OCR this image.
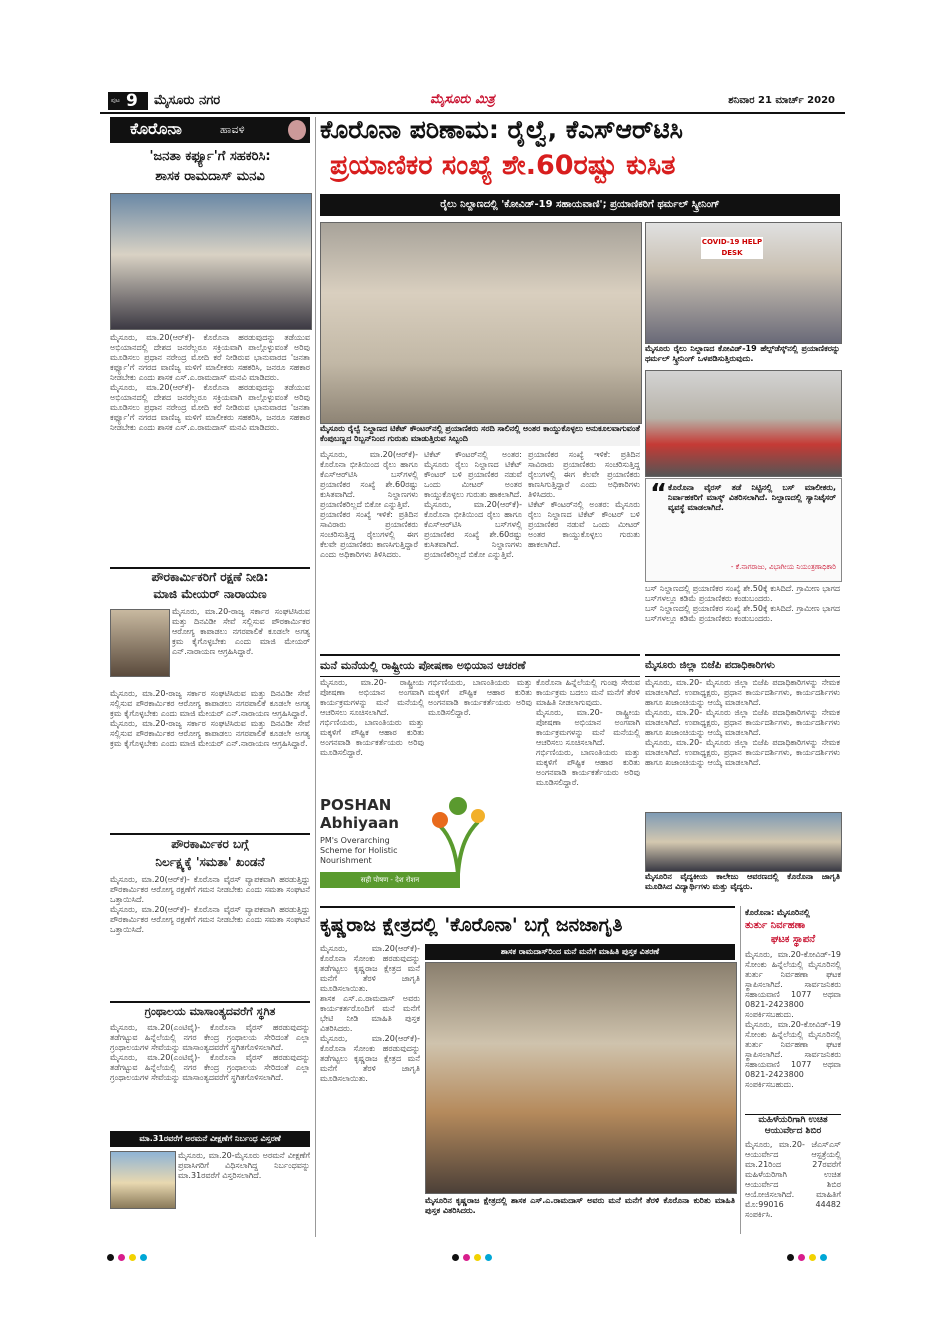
ಪುಟ 9 ಮೈಸೂರು ನಗರ	ಮೈಸೂರು ಮಿತ್ರ	ಶನಿವಾರ 21 ಮಾರ್ಚ್ 2020
ಕೊರೊನಾ	ಹಾವಳಿ
'ಜನತಾ ಕರ್ಫ್ಯೂ'ಗೆ ಸಹಕರಿಸಿ:
ಶಾಸಕ ರಾಮದಾಸ್ ಮನವಿ
ಮೈಸೂರು, ಮಾ.20(ಆರ್‌ಕೆ)- ಕೊರೊನಾ ಹರಡುವುದನ್ನು ತಡೆಯುವ ಅಭಿಯಾನದಲ್ಲಿ ದೇಶದ ಜನರೆಲ್ಲರೂ ಸಕ್ರಿಯವಾಗಿ ಪಾಲ್ಗೊಳ್ಳುವಂತೆ ಅರಿವು ಮೂಡಿಸಲು ಪ್ರಧಾನ ನರೇಂದ್ರ ಮೋದಿ ಕರೆ ನೀಡಿರುವ ಭಾನುವಾರದ 'ಜನತಾ ಕರ್ಫ್ಯೂ'ಗೆ ನಗರದ ವಾಣಿಜ್ಯ ಮಳಿಗೆ ಮಾಲೀಕರು ಸಹಕರಿಸಿ, ಜನರೂ ಸಹಕಾರ ನೀಡಬೇಕು ಎಂದು ಶಾಸಕ ಎಸ್.ಎ.ರಾಮದಾಸ್ ಮನವಿ ಮಾಡಿದರು.
ಮೈಸೂರು, ಮಾ.20(ಆರ್‌ಕೆ)- ಕೊರೊನಾ ಹರಡುವುದನ್ನು ತಡೆಯುವ ಅಭಿಯಾನದಲ್ಲಿ ದೇಶದ ಜನರೆಲ್ಲರೂ ಸಕ್ರಿಯವಾಗಿ ಪಾಲ್ಗೊಳ್ಳುವಂತೆ ಅರಿವು ಮೂಡಿಸಲು ಪ್ರಧಾನ ನರೇಂದ್ರ ಮೋದಿ ಕರೆ ನೀಡಿರುವ ಭಾನುವಾರದ 'ಜನತಾ ಕರ್ಫ್ಯೂ'ಗೆ ನಗರದ ವಾಣಿಜ್ಯ ಮಳಿಗೆ ಮಾಲೀಕರು ಸಹಕರಿಸಿ, ಜನರೂ ಸಹಕಾರ ನೀಡಬೇಕು ಎಂದು ಶಾಸಕ ಎಸ್.ಎ.ರಾಮದಾಸ್ ಮನವಿ ಮಾಡಿದರು.
ಪೌರಕಾರ್ಮಿಕರಿಗೆ ರಕ್ಷಣೆ ನೀಡಿ:
ಮಾಜಿ ಮೇಯರ್ ನಾರಾಯಣ
ಮೈಸೂರು, ಮಾ.20-ರಾಜ್ಯ ಸರ್ಕಾರ ಸಂಘಟಿಸಿರುವ ಮತ್ತು ದಿನವಿಡೀ ಸೇವೆ ಸಲ್ಲಿಸುವ ಪೌರಕಾರ್ಮಿಕರ ಆರೋಗ್ಯ ಕಾಪಾಡಲು ನಗರಪಾಲಿಕೆ ಕೂಡಲೇ ಅಗತ್ಯ ಕ್ರಮ ಕೈಗೊಳ್ಳಬೇಕು ಎಂದು ಮಾಜಿ ಮೇಯರ್ ಎನ್.ನಾರಾಯಣ ಆಗ್ರಹಿಸಿದ್ದಾರೆ.
ಮೈಸೂರು, ಮಾ.20-ರಾಜ್ಯ ಸರ್ಕಾರ ಸಂಘಟಿಸಿರುವ ಮತ್ತು ದಿನವಿಡೀ ಸೇವೆ ಸಲ್ಲಿಸುವ ಪೌರಕಾರ್ಮಿಕರ ಆರೋಗ್ಯ ಕಾಪಾಡಲು ನಗರಪಾಲಿಕೆ ಕೂಡಲೇ ಅಗತ್ಯ ಕ್ರಮ ಕೈಗೊಳ್ಳಬೇಕು ಎಂದು ಮಾಜಿ ಮೇಯರ್ ಎನ್.ನಾರಾಯಣ ಆಗ್ರಹಿಸಿದ್ದಾರೆ.
ಮೈಸೂರು, ಮಾ.20-ರಾಜ್ಯ ಸರ್ಕಾರ ಸಂಘಟಿಸಿರುವ ಮತ್ತು ದಿನವಿಡೀ ಸೇವೆ ಸಲ್ಲಿಸುವ ಪೌರಕಾರ್ಮಿಕರ ಆರೋಗ್ಯ ಕಾಪಾಡಲು ನಗರಪಾಲಿಕೆ ಕೂಡಲೇ ಅಗತ್ಯ ಕ್ರಮ ಕೈಗೊಳ್ಳಬೇಕು ಎಂದು ಮಾಜಿ ಮೇಯರ್ ಎನ್.ನಾರಾಯಣ ಆಗ್ರಹಿಸಿದ್ದಾರೆ.
ಪೌರಕಾರ್ಮಿಕರ ಬಗ್ಗೆ
ನಿರ್ಲಕ್ಷ್ಯಕ್ಕೆ 'ಸಮತಾ' ಖಂಡನೆ
ಮೈಸೂರು, ಮಾ.20(ಆರ್‌ಕೆ)- ಕೊರೊನಾ ವೈರಸ್ ವ್ಯಾಪಕವಾಗಿ ಹರಡುತ್ತಿದ್ದು ಪೌರಕಾರ್ಮಿಕರ ಆರೋಗ್ಯ ರಕ್ಷಣೆಗೆ ಗಮನ ನೀಡಬೇಕು ಎಂದು ಸಮತಾ ಸಂಘಟನೆ ಒತ್ತಾಯಿಸಿದೆ.
ಮೈಸೂರು, ಮಾ.20(ಆರ್‌ಕೆ)- ಕೊರೊನಾ ವೈರಸ್ ವ್ಯಾಪಕವಾಗಿ ಹರಡುತ್ತಿದ್ದು ಪೌರಕಾರ್ಮಿಕರ ಆರೋಗ್ಯ ರಕ್ಷಣೆಗೆ ಗಮನ ನೀಡಬೇಕು ಎಂದು ಸಮತಾ ಸಂಘಟನೆ ಒತ್ತಾಯಿಸಿದೆ.
ಗ್ರಂಥಾಲಯ ಮಾಸಾಂತ್ಯದವರೆಗೆ ಸ್ಥಗಿತ
ಮೈಸೂರು, ಮಾ.20(ಎಂಟಿವೈ)- ಕೊರೊನಾ ವೈರಸ್ ಹರಡುವುದನ್ನು ತಡೆಗಟ್ಟುವ ಹಿನ್ನೆಲೆಯಲ್ಲಿ ನಗರ ಕೇಂದ್ರ ಗ್ರಂಥಾಲಯ ಸೇರಿದಂತೆ ಎಲ್ಲಾ ಗ್ರಂಥಾಲಯಗಳ ಸೇವೆಯನ್ನು ಮಾಸಾಂತ್ಯದವರೆಗೆ ಸ್ಥಗಿತಗೊಳಿಸಲಾಗಿದೆ.
ಮೈಸೂರು, ಮಾ.20(ಎಂಟಿವೈ)- ಕೊರೊನಾ ವೈರಸ್ ಹರಡುವುದನ್ನು ತಡೆಗಟ್ಟುವ ಹಿನ್ನೆಲೆಯಲ್ಲಿ ನಗರ ಕೇಂದ್ರ ಗ್ರಂಥಾಲಯ ಸೇರಿದಂತೆ ಎಲ್ಲಾ ಗ್ರಂಥಾಲಯಗಳ ಸೇವೆಯನ್ನು ಮಾಸಾಂತ್ಯದವರೆಗೆ ಸ್ಥಗಿತಗೊಳಿಸಲಾಗಿದೆ.
ಮಾ.31ರವರೆಗೆ ಅರಮನೆ ವೀಕ್ಷಣೆಗೆ ನಿರ್ಬಂಧ ವಿಸ್ತರಣೆ
ಮೈಸೂರು, ಮಾ.20-ಮೈಸೂರು ಅರಮನೆ ವೀಕ್ಷಣೆಗೆ ಪ್ರವಾಸಿಗರಿಗೆ ವಿಧಿಸಲಾಗಿದ್ದ ನಿರ್ಬಂಧವನ್ನು ಮಾ.31ರವರೆಗೆ ವಿಸ್ತರಿಸಲಾಗಿದೆ.
ಕೊರೊನಾ ಪರಿಣಾಮ: ರೈಲ್ವೆ, ಕೆಎಸ್‌ಆರ್‌ಟಿಸಿ
ಪ್ರಯಾಣಿಕರ ಸಂಖ್ಯೆ ಶೇ.60ರಷ್ಟು ಕುಸಿತ
ರೈಲು ನಿಲ್ದಾಣದಲ್ಲಿ 'ಕೋವಿಡ್-19 ಸಹಾಯವಾಣಿ'; ಪ್ರಯಾಣಿಕರಿಗೆ ಥರ್ಮಲ್ ಸ್ಕ್ರೀನಿಂಗ್
ಮೈಸೂರು ರೈಲ್ವೆ ನಿಲ್ದಾಣದ ಟಿಕೆಟ್ ಕೌಂಟರ್‌ನಲ್ಲಿ ಪ್ರಯಾಣಿಕರು ಸರದಿ ಸಾಲಿನಲ್ಲಿ ಅಂತರ ಕಾಯ್ದುಕೊಳ್ಳಲು ಅನುಕೂಲವಾಗುವಂತೆ ಕೆಂಪುಬಣ್ಣದ ರಿಬ್ಬನ್‌ನಿಂದ ಗುರುತು ಮಾಡುತ್ತಿರುವ ಸಿಬ್ಬಂದಿ
COVID-19 HELP DESK
ಮೈಸೂರು ರೈಲು ನಿಲ್ದಾಣದ ಕೋವಿಡ್-19 ಹೆಲ್ಪ್‌ಡೆಸ್ಕ್‌ನಲ್ಲಿ ಪ್ರಯಾಣಿಕರನ್ನು ಥರ್ಮಲ್ ಸ್ಕ್ರೀನಿಂಗ್ ಒಳಪಡಿಸುತ್ತಿರುವುದು.
ಮೈಸೂರು, ಮಾ.20(ಆರ್‌ಕೆ)- ಕೊರೊನಾ ಭೀತಿಯಿಂದ ರೈಲು ಹಾಗೂ ಕೆಎಸ್‌ಆರ್‌ಟಿಸಿ ಬಸ್‌ಗಳಲ್ಲಿ ಪ್ರಯಾಣಿಕರ ಸಂಖ್ಯೆ ಶೇ.60ರಷ್ಟು ಕುಸಿತವಾಗಿದೆ. ನಿಲ್ದಾಣಗಳು ಪ್ರಯಾಣಿಕರಿಲ್ಲದೆ ಬಿಕೋ ಎನ್ನುತ್ತಿವೆ.
ಪ್ರಯಾಣಿಕರ ಸಂಖ್ಯೆ ಇಳಿಕೆ: ಪ್ರತಿದಿನ ಸಾವಿರಾರು ಪ್ರಯಾಣಿಕರು ಸಂಚರಿಸುತ್ತಿದ್ದ ರೈಲುಗಳಲ್ಲಿ ಈಗ ಕೆಲವೇ ಪ್ರಯಾಣಿಕರು ಕಾಣಸಿಗುತ್ತಿದ್ದಾರೆ ಎಂದು ಅಧಿಕಾರಿಗಳು ತಿಳಿಸಿದರು.
ಟಿಕೆಟ್ ಕೌಂಟರ್‌ನಲ್ಲಿ ಅಂತರ: ಮೈಸೂರು ರೈಲು ನಿಲ್ದಾಣದ ಟಿಕೆಟ್ ಕೌಂಟರ್ ಬಳಿ ಪ್ರಯಾಣಿಕರ ನಡುವೆ ಒಂದು ಮೀಟರ್ ಅಂತರ ಕಾಯ್ದುಕೊಳ್ಳಲು ಗುರುತು ಹಾಕಲಾಗಿದೆ.
ಮೈಸೂರು, ಮಾ.20(ಆರ್‌ಕೆ)- ಕೊರೊನಾ ಭೀತಿಯಿಂದ ರೈಲು ಹಾಗೂ ಕೆಎಸ್‌ಆರ್‌ಟಿಸಿ ಬಸ್‌ಗಳಲ್ಲಿ ಪ್ರಯಾಣಿಕರ ಸಂಖ್ಯೆ ಶೇ.60ರಷ್ಟು ಕುಸಿತವಾಗಿದೆ. ನಿಲ್ದಾಣಗಳು ಪ್ರಯಾಣಿಕರಿಲ್ಲದೆ ಬಿಕೋ ಎನ್ನುತ್ತಿವೆ.
ಪ್ರಯಾಣಿಕರ ಸಂಖ್ಯೆ ಇಳಿಕೆ: ಪ್ರತಿದಿನ ಸಾವಿರಾರು ಪ್ರಯಾಣಿಕರು ಸಂಚರಿಸುತ್ತಿದ್ದ ರೈಲುಗಳಲ್ಲಿ ಈಗ ಕೆಲವೇ ಪ್ರಯಾಣಿಕರು ಕಾಣಸಿಗುತ್ತಿದ್ದಾರೆ ಎಂದು ಅಧಿಕಾರಿಗಳು ತಿಳಿಸಿದರು.
ಟಿಕೆಟ್ ಕೌಂಟರ್‌ನಲ್ಲಿ ಅಂತರ: ಮೈಸೂರು ರೈಲು ನಿಲ್ದಾಣದ ಟಿಕೆಟ್ ಕೌಂಟರ್ ಬಳಿ ಪ್ರಯಾಣಿಕರ ನಡುವೆ ಒಂದು ಮೀಟರ್ ಅಂತರ ಕಾಯ್ದುಕೊಳ್ಳಲು ಗುರುತು ಹಾಕಲಾಗಿದೆ.
“ ಕೊರೊನಾ ವೈರಸ್ ತಡೆ ನಿಟ್ಟಿನಲ್ಲಿ ಬಸ್ ಮಾಲೀಕರು, ನಿರ್ವಾಹಕರಿಗೆ ಮಾಸ್ಕ್ ವಿತರಿಸಲಾಗಿದೆ. ನಿಲ್ದಾಣದಲ್ಲಿ ಸ್ಯಾನಿಟೈಸರ್ ವ್ಯವಸ್ಥೆ ಮಾಡಲಾಗಿದೆ.
- ಕೆ.ನಾಗರಾಜು, ವಿಭಾಗೀಯ ನಿಯಂತ್ರಣಾಧಿಕಾರಿ
ಬಸ್ ನಿಲ್ದಾಣದಲ್ಲಿ ಪ್ರಯಾಣಿಕರ ಸಂಖ್ಯೆ ಶೇ.50ಕ್ಕೆ ಕುಸಿದಿದೆ. ಗ್ರಾಮೀಣ ಭಾಗದ ಬಸ್‌ಗಳಲ್ಲೂ ಕಡಿಮೆ ಪ್ರಯಾಣಿಕರು ಕಂಡುಬಂದರು.
ಬಸ್ ನಿಲ್ದಾಣದಲ್ಲಿ ಪ್ರಯಾಣಿಕರ ಸಂಖ್ಯೆ ಶೇ.50ಕ್ಕೆ ಕುಸಿದಿದೆ. ಗ್ರಾಮೀಣ ಭಾಗದ ಬಸ್‌ಗಳಲ್ಲೂ ಕಡಿಮೆ ಪ್ರಯಾಣಿಕರು ಕಂಡುಬಂದರು.
ಮನೆ ಮನೆಯಲ್ಲಿ ರಾಷ್ಟ್ರೀಯ ಪೋಷಣಾ ಅಭಿಯಾನ ಆಚರಣೆ
ಮೈಸೂರು, ಮಾ.20- ರಾಷ್ಟ್ರೀಯ ಪೋಷಣಾ ಅಭಿಯಾನ ಅಂಗವಾಗಿ ಕಾರ್ಯಕ್ರಮಗಳನ್ನು ಮನೆ ಮನೆಯಲ್ಲಿ ಆಚರಿಸಲು ಸೂಚಿಸಲಾಗಿದೆ.
ಗರ್ಭಿಣಿಯರು, ಬಾಣಂತಿಯರು ಮತ್ತು ಮಕ್ಕಳಿಗೆ ಪೌಷ್ಟಿಕ ಆಹಾರ ಕುರಿತು ಅಂಗನವಾಡಿ ಕಾರ್ಯಕರ್ತೆಯರು ಅರಿವು ಮೂಡಿಸಲಿದ್ದಾರೆ.
POSHAN
Abhiyaan
PM's Overarching
Scheme for Holistic
Nourishment
सही पोषण - देश रोशन
ಗರ್ಭಿಣಿಯರು, ಬಾಣಂತಿಯರು ಮತ್ತು ಮಕ್ಕಳಿಗೆ ಪೌಷ್ಟಿಕ ಆಹಾರ ಕುರಿತು ಅಂಗನವಾಡಿ ಕಾರ್ಯಕರ್ತೆಯರು ಅರಿವು ಮೂಡಿಸಲಿದ್ದಾರೆ.
ಕೊರೊನಾ ಹಿನ್ನೆಲೆಯಲ್ಲಿ ಗುಂಪು ಸೇರುವ ಕಾರ್ಯಕ್ರಮ ಬದಲು ಮನೆ ಮನೆಗೆ ತೆರಳಿ ಮಾಹಿತಿ ನೀಡಲಾಗುವುದು.
ಮೈಸೂರು, ಮಾ.20- ರಾಷ್ಟ್ರೀಯ ಪೋಷಣಾ ಅಭಿಯಾನ ಅಂಗವಾಗಿ ಕಾರ್ಯಕ್ರಮಗಳನ್ನು ಮನೆ ಮನೆಯಲ್ಲಿ ಆಚರಿಸಲು ಸೂಚಿಸಲಾಗಿದೆ.
ಗರ್ಭಿಣಿಯರು, ಬಾಣಂತಿಯರು ಮತ್ತು ಮಕ್ಕಳಿಗೆ ಪೌಷ್ಟಿಕ ಆಹಾರ ಕುರಿತು ಅಂಗನವಾಡಿ ಕಾರ್ಯಕರ್ತೆಯರು ಅರಿವು ಮೂಡಿಸಲಿದ್ದಾರೆ.
ಮೈಸೂರು ಜಿಲ್ಲಾ ಬಿಜೆಪಿ ಪದಾಧಿಕಾರಿಗಳು
ಮೈಸೂರು, ಮಾ.20- ಮೈಸೂರು ಜಿಲ್ಲಾ ಬಿಜೆಪಿ ಪದಾಧಿಕಾರಿಗಳನ್ನು ನೇಮಕ ಮಾಡಲಾಗಿದೆ. ಉಪಾಧ್ಯಕ್ಷರು, ಪ್ರಧಾನ ಕಾರ್ಯದರ್ಶಿಗಳು, ಕಾರ್ಯದರ್ಶಿಗಳು ಹಾಗೂ ಖಜಾಂಚಿಯನ್ನು ಆಯ್ಕೆ ಮಾಡಲಾಗಿದೆ.
ಮೈಸೂರು, ಮಾ.20- ಮೈಸೂರು ಜಿಲ್ಲಾ ಬಿಜೆಪಿ ಪದಾಧಿಕಾರಿಗಳನ್ನು ನೇಮಕ ಮಾಡಲಾಗಿದೆ. ಉಪಾಧ್ಯಕ್ಷರು, ಪ್ರಧಾನ ಕಾರ್ಯದರ್ಶಿಗಳು, ಕಾರ್ಯದರ್ಶಿಗಳು ಹಾಗೂ ಖಜಾಂಚಿಯನ್ನು ಆಯ್ಕೆ ಮಾಡಲಾಗಿದೆ.
ಮೈಸೂರು, ಮಾ.20- ಮೈಸೂರು ಜಿಲ್ಲಾ ಬಿಜೆಪಿ ಪದಾಧಿಕಾರಿಗಳನ್ನು ನೇಮಕ ಮಾಡಲಾಗಿದೆ. ಉಪಾಧ್ಯಕ್ಷರು, ಪ್ರಧಾನ ಕಾರ್ಯದರ್ಶಿಗಳು, ಕಾರ್ಯದರ್ಶಿಗಳು ಹಾಗೂ ಖಜಾಂಚಿಯನ್ನು ಆಯ್ಕೆ ಮಾಡಲಾಗಿದೆ.
ಮೈಸೂರಿನ ವೈದ್ಯಕೀಯ ಕಾಲೇಜು ಆವರಣದಲ್ಲಿ ಕೊರೊನಾ ಜಾಗೃತಿ ಮೂಡಿಸಿದ ವಿದ್ಯಾರ್ಥಿಗಳು ಮತ್ತು ವೈದ್ಯರು.
ಕೃಷ್ಣರಾಜ ಕ್ಷೇತ್ರದಲ್ಲಿ 'ಕೊರೊನಾ' ಬಗ್ಗೆ ಜನಜಾಗೃತಿ
ಮೈಸೂರು, ಮಾ.20(ಆರ್‌ಕೆ)- ಕೊರೊನಾ ಸೋಂಕು ಹರಡುವುದನ್ನು ತಡೆಗಟ್ಟಲು ಕೃಷ್ಣರಾಜ ಕ್ಷೇತ್ರದ ಮನೆ ಮನೆಗೆ ತೆರಳಿ ಜಾಗೃತಿ ಮೂಡಿಸಲಾಯಿತು.
ಶಾಸಕ ಎಸ್.ಎ.ರಾಮದಾಸ್ ಅವರು ಕಾರ್ಯಕರ್ತರೊಂದಿಗೆ ಮನೆ ಮನೆಗೆ ಭೇಟಿ ನೀಡಿ ಮಾಹಿತಿ ಪುಸ್ತಕ ವಿತರಿಸಿದರು.
ಮೈಸೂರು, ಮಾ.20(ಆರ್‌ಕೆ)- ಕೊರೊನಾ ಸೋಂಕು ಹರಡುವುದನ್ನು ತಡೆಗಟ್ಟಲು ಕೃಷ್ಣರಾಜ ಕ್ಷೇತ್ರದ ಮನೆ ಮನೆಗೆ ತೆರಳಿ ಜಾಗೃತಿ ಮೂಡಿಸಲಾಯಿತು.
ಶಾಸಕ ರಾಮದಾಸ್‌ರಿಂದ ಮನೆ ಮನೆಗೆ ಮಾಹಿತಿ ಪುಸ್ತಕ ವಿತರಣೆ
ಮೈಸೂರಿನ ಕೃಷ್ಣರಾಜ ಕ್ಷೇತ್ರದಲ್ಲಿ ಶಾಸಕ ಎಸ್.ಎ.ರಾಮದಾಸ್ ಅವರು ಮನೆ ಮನೆಗೆ ತೆರಳಿ ಕೊರೊನಾ ಕುರಿತು ಮಾಹಿತಿ ಪುಸ್ತಕ ವಿತರಿಸಿದರು.
ಕೊರೊನಾ: ಮೈಸೂರಿನಲ್ಲಿ
ತುರ್ತು ನಿರ್ವಹಣಾ
ಘಟಕ ಸ್ಥಾಪನೆ
ಮೈಸೂರು, ಮಾ.20-ಕೋವಿಡ್-19 ಸೋಂಕು ಹಿನ್ನೆಲೆಯಲ್ಲಿ ಮೈಸೂರಿನಲ್ಲಿ ತುರ್ತು ನಿರ್ವಹಣಾ ಘಟಕ ಸ್ಥಾಪಿಸಲಾಗಿದೆ. ಸಾರ್ವಜನಿಕರು ಸಹಾಯವಾಣಿ 1077 ಅಥವಾ 0821-2423800 ಸಂಪರ್ಕಿಸಬಹುದು.
ಮೈಸೂರು, ಮಾ.20-ಕೋವಿಡ್-19 ಸೋಂಕು ಹಿನ್ನೆಲೆಯಲ್ಲಿ ಮೈಸೂರಿನಲ್ಲಿ ತುರ್ತು ನಿರ್ವಹಣಾ ಘಟಕ ಸ್ಥಾಪಿಸಲಾಗಿದೆ. ಸಾರ್ವಜನಿಕರು ಸಹಾಯವಾಣಿ 1077 ಅಥವಾ 0821-2423800 ಸಂಪರ್ಕಿಸಬಹುದು.
ಮಹಿಳೆಯರಿಗಾಗಿ ಉಚಿತ
ಆಯುರ್ವೇದ ಶಿಬಿರ
ಮೈಸೂರು, ಮಾ.20- ಜೆಎಸ್‌ಎಸ್ ಆಯುರ್ವೇದ ಆಸ್ಪತ್ರೆಯಲ್ಲಿ ಮಾ.21ರಿಂದ 27ರವರೆಗೆ ಮಹಿಳೆಯರಿಗಾಗಿ ಉಚಿತ ಆಯುರ್ವೇದ ಶಿಬಿರ ಆಯೋಜಿಸಲಾಗಿದೆ. ಮಾಹಿತಿಗೆ ಮೊ:99016 44482 ಸಂಪರ್ಕಿಸಿ.
